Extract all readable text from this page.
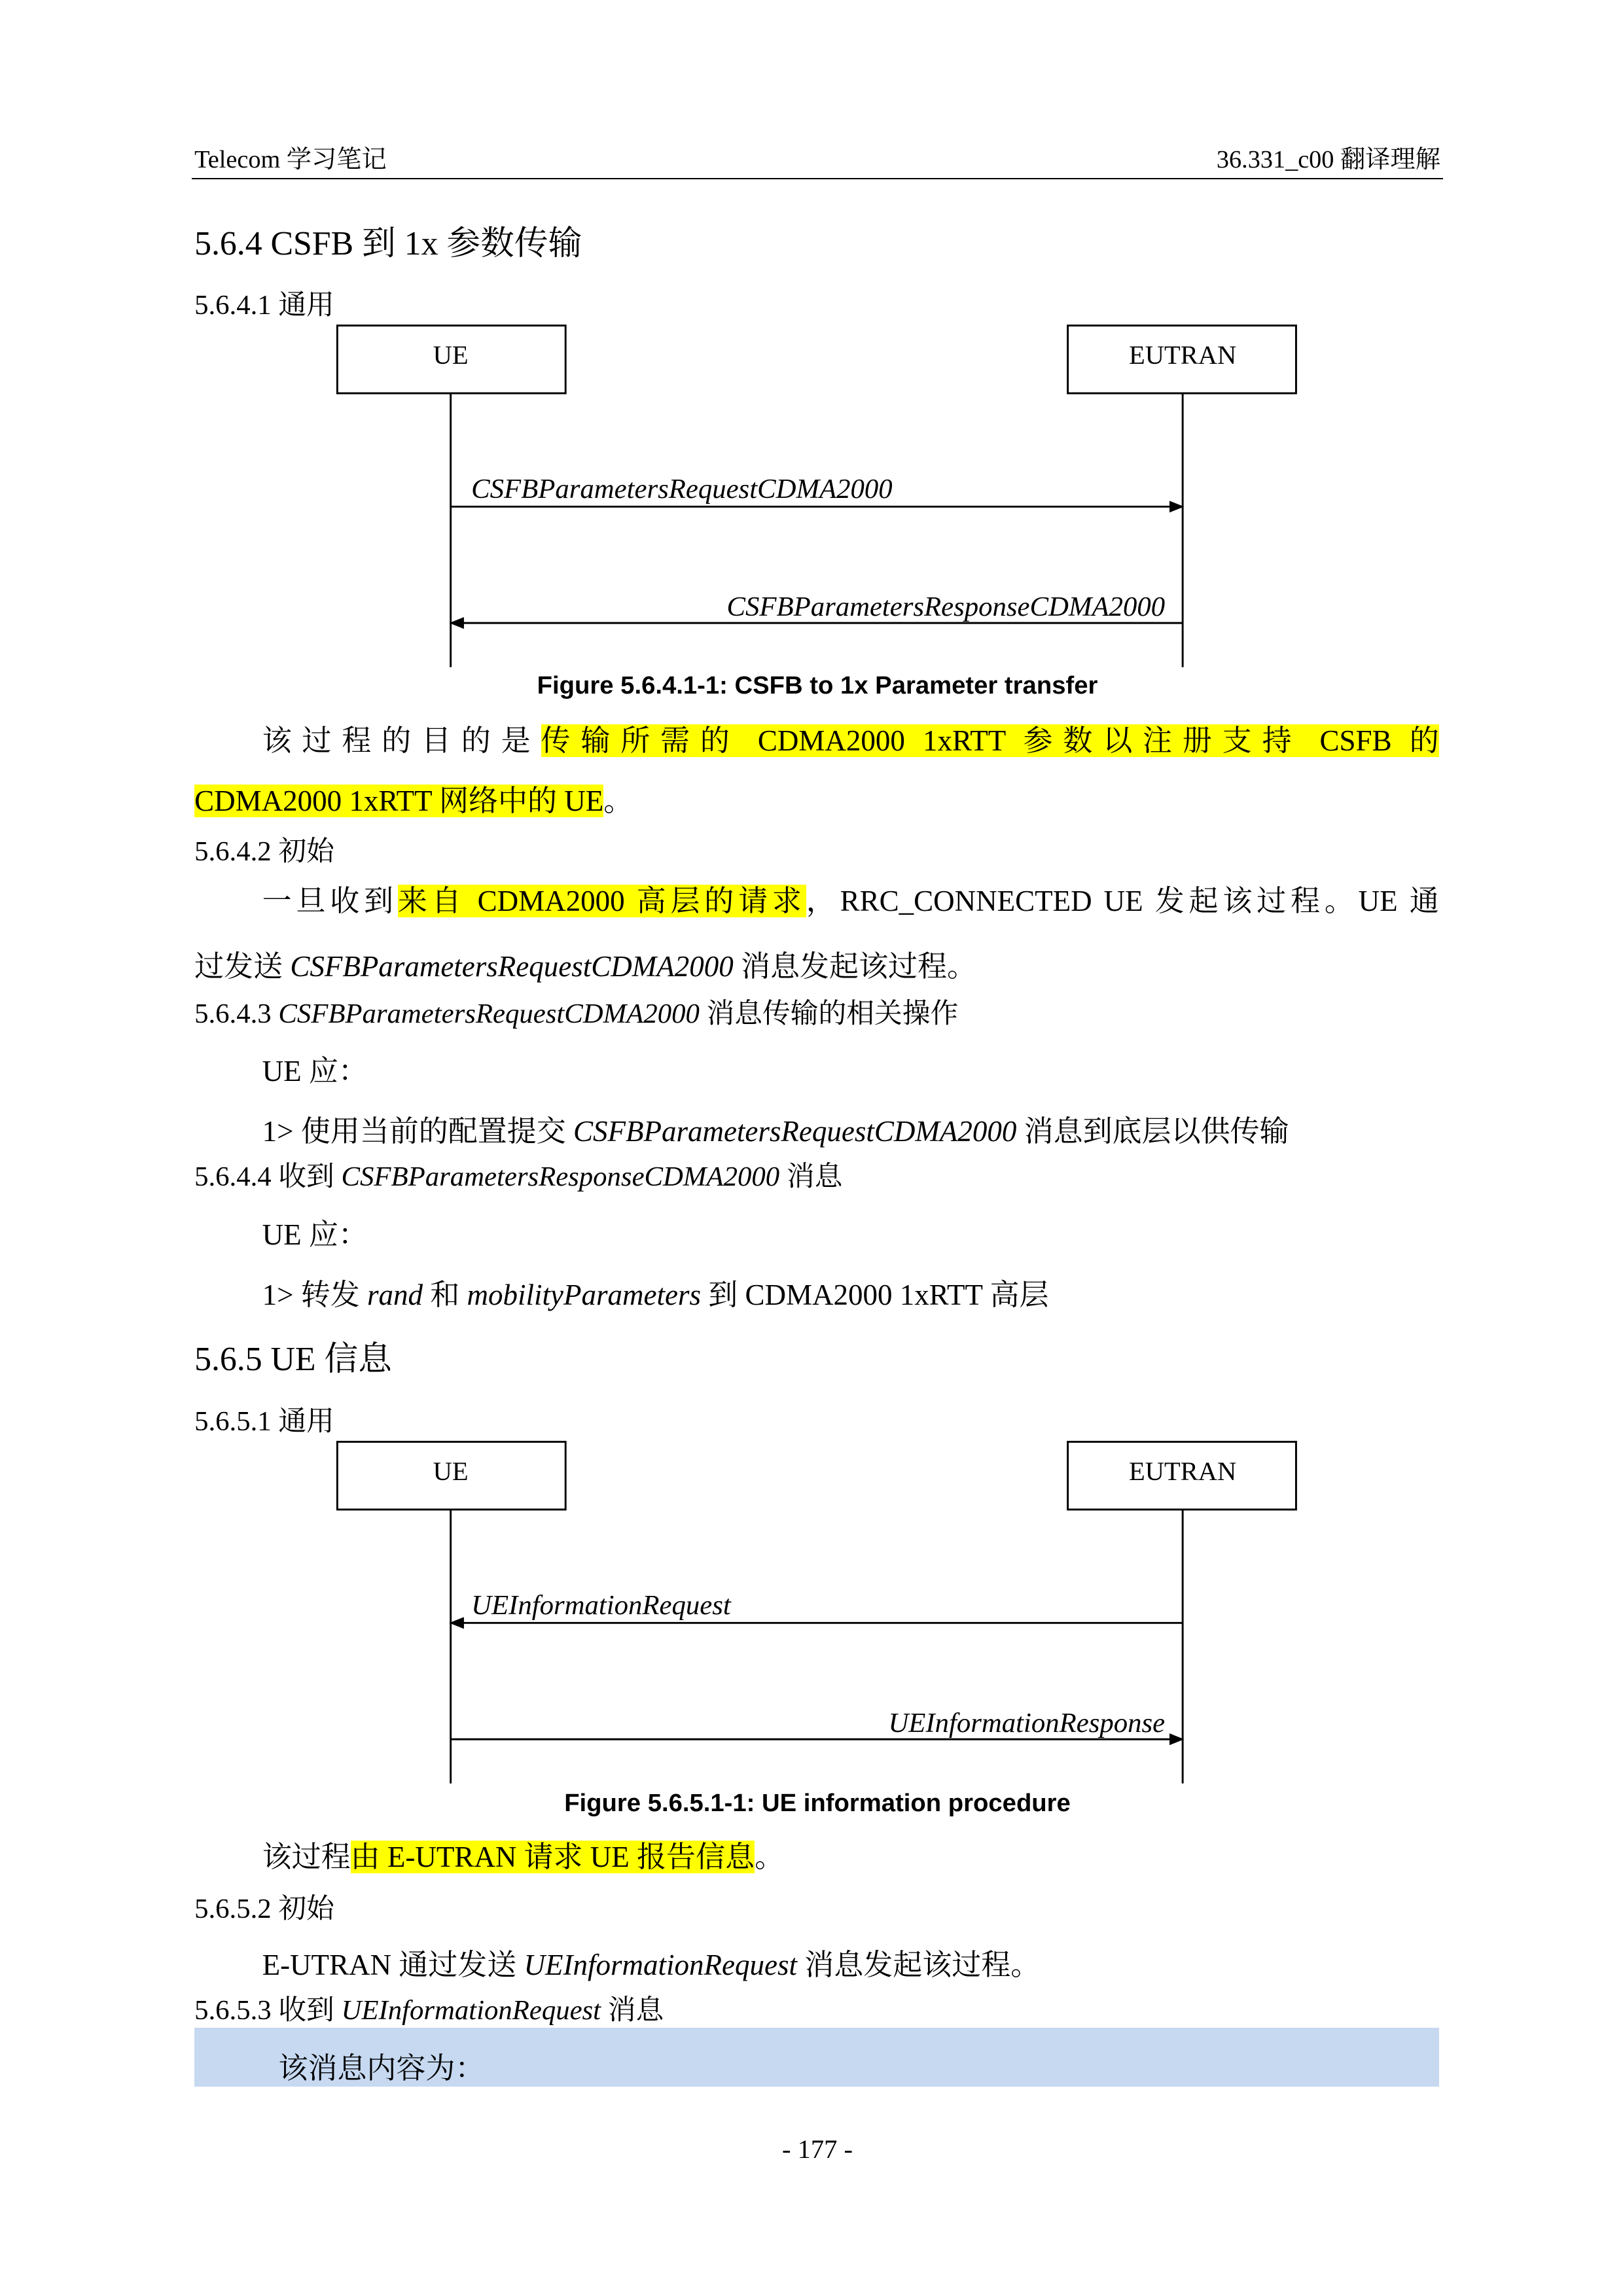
Telecom 学习笔记	36.331_c00 翻译理解
5.6.4 CSFB 到 1x 参数传输
5.6.4.1 通用
UE	EUTRAN
CSFBParametersRequestCDMA2000
CSFBParametersResponseCDMA2000
Figure 5.6.4.1-1: CSFB to 1x Parameter transfer
该过程的目的是传输所需的 CDMA2000 1xRTT 参数以注册支持 CSFB 的
CDMA2000 1xRTT 网络中的 UE。
5.6.4.2 初始
一旦收到来自 CDMA2000 高层的请求，RRC_CONNECTED UE 发起该过程。UE 通
过发送 CSFBParametersRequestCDMA2000 消息发起该过程。
5.6.4.3 CSFBParametersRequestCDMA2000 消息传输的相关操作
UE 应：
1> 使用当前的配置提交 CSFBParametersRequestCDMA2000 消息到底层以供传输
5.6.4.4 收到 CSFBParametersResponseCDMA2000 消息
UE 应：
1> 转发 rand 和 mobilityParameters 到 CDMA2000 1xRTT 高层
5.6.5 UE 信息
5.6.5.1 通用
UE	EUTRAN
UEInformationRequest
UEInformationResponse
Figure 5.6.5.1-1: UE information procedure
该过程由 E-UTRAN 请求 UE 报告信息。
5.6.5.2 初始
E-UTRAN 通过发送 UEInformationRequest 消息发起该过程。
5.6.5.3 收到 UEInformationRequest 消息
该消息内容为：
- 177 -
